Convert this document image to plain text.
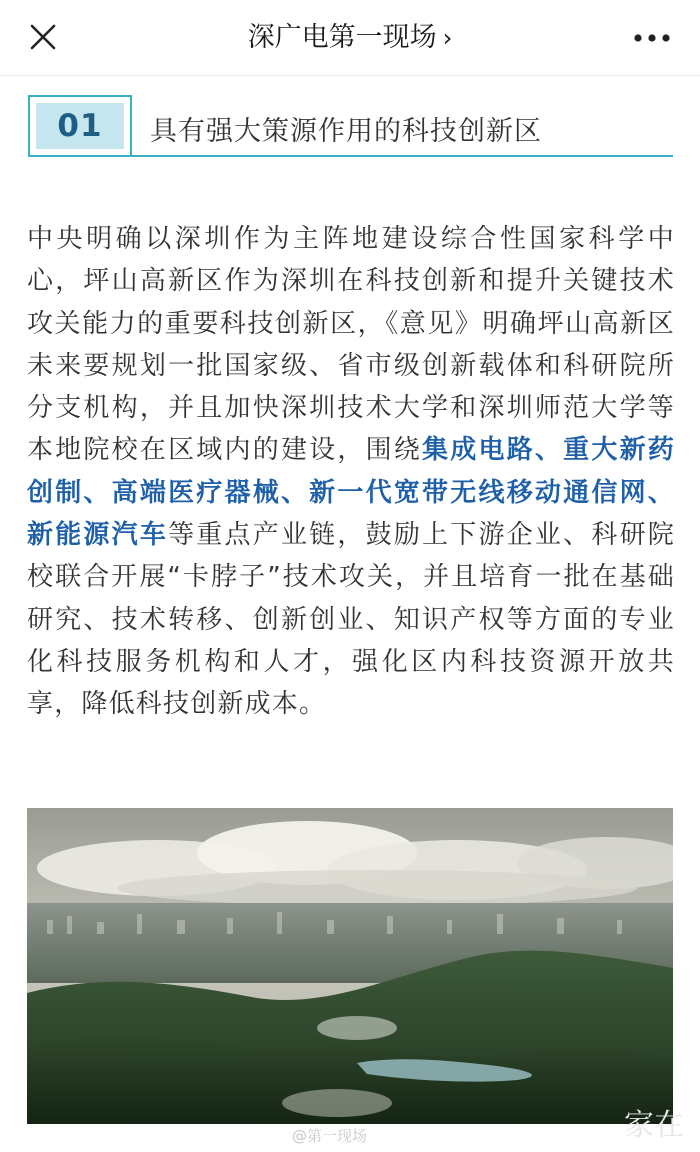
深广电第一现场 ›
01	具有强大策源作用的科技创新区
中央明确以深圳作为主阵地建设综合性国家科学中心，坪山高新区作为深圳在科技创新和提升关键技术攻关能力的重要科技创新区，《意见》明确坪山高新区未来要规划一批国家级、省市级创新载体和科研院所分支机构，并且加快深圳技术大学和深圳师范大学等本地院校在区域内的建设，围绕集成电路、重大新药创制、高端医疗器械、新一代宽带无线移动通信网、新能源汽车等重点产业链，鼓励上下游企业、科研院校联合开展“卡脖子”技术攻关，并且培育一批在基础研究、技术转移、创新创业、知识产权等方面的专业化科技服务机构和人才，强化区内科技资源开放共享，降低科技创新成本。
@第一现场	家在
